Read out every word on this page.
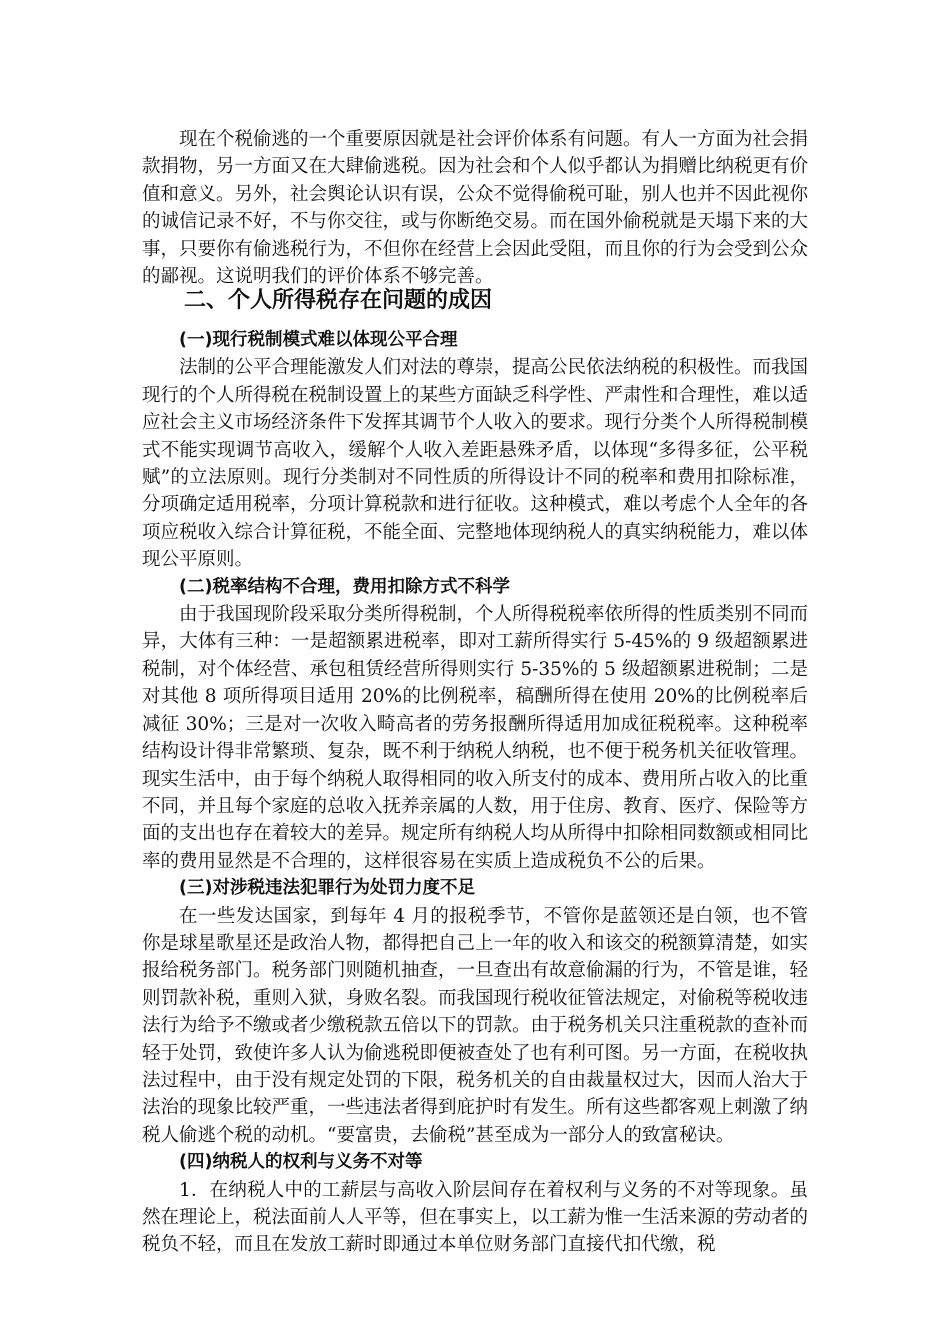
现在个税偷逃的一个重要原因就是社会评价体系有问题。有人一方面为社会捐款捐物，另一方面又在大肆偷逃税。因为社会和个人似乎都认为捐赠比纳税更有价值和意义。另外，社会舆论认识有误，公众不觉得偷税可耻，别人也并不因此视你的诚信记录不好，不与你交往，或与你断绝交易。而在国外偷税就是天塌下来的大事，只要你有偷逃税行为，不但你在经营上会因此受阻，而且你的行为会受到公众的鄙视。这说明我们的评价体系不够完善。

二、个人所得税存在问题的成因
(一)现行税制模式难以体现公平合理

法制的公平合理能激发人们对法的尊崇，提高公民依法纳税的积极性。而我国现行的个人所得税在税制设置上的某些方面缺乏科学性、严肃性和合理性，难以适应社会主义市场经济条件下发挥其调节个人收入的要求。现行分类个人所得税制模式不能实现调节高收入，缓解个人收入差距悬殊矛盾，以体现“多得多征，公平税赋”的立法原则。现行分类制对不同性质的所得设计不同的税率和费用扣除标准，分项确定适用税率，分项计算税款和进行征收。这种模式，难以考虑个人全年的各项应税收入综合计算征税，不能全面、完整地体现纳税人的真实纳税能力，难以体现公平原则。

(二)税率结构不合理，费用扣除方式不科学

由于我国现阶段采取分类所得税制，个人所得税税率依所得的性质类别不同而异，大体有三种：一是超额累进税率，即对工薪所得实行 5-45%的 9 级超额累进税制，对个体经营、承包租赁经营所得则实行 5-35%的 5 级超额累进税制；二是对其他 8 项所得项目适用 20%的比例税率，稿酬所得在使用 20%的比例税率后减征 30%；三是对一次收入畸高者的劳务报酬所得适用加成征税税率。这种税率结构设计得非常繁琐、复杂，既不利于纳税人纳税，也不便于税务机关征收管理。现实生活中，由于每个纳税人取得相同的收入所支付的成本、费用所占收入的比重不同，并且每个家庭的总收入抚养亲属的人数，用于住房、教育、医疗、保险等方面的支出也存在着较大的差异。规定所有纳税人均从所得中扣除相同数额或相同比率的费用显然是不合理的，这样很容易在实质上造成税负不公的后果。

(三)对涉税违法犯罪行为处罚力度不足

在一些发达国家，到每年 4 月的报税季节，不管你是蓝领还是白领，也不管你是球星歌星还是政治人物，都得把自己上一年的收入和该交的税额算清楚，如实报给税务部门。税务部门则随机抽查，一旦查出有故意偷漏的行为，不管是谁，轻则罚款补税，重则入狱，身败名裂。而我国现行税收征管法规定，对偷税等税收违法行为给予不缴或者少缴税款五倍以下的罚款。由于税务机关只注重税款的查补而轻于处罚，致使许多人认为偷逃税即便被查处了也有利可图。另一方面，在税收执法过程中，由于没有规定处罚的下限，税务机关的自由裁量权过大，因而人治大于法治的现象比较严重，一些违法者得到庇护时有发生。所有这些都客观上刺激了纳税人偷逃个税的动机。“要富贵，去偷税”甚至成为一部分人的致富秘诀。

(四)纳税人的权利与义务不对等

1．在纳税人中的工薪层与高收入阶层间存在着权利与义务的不对等现象。虽然在理论上，税法面前人人平等，但在事实上，以工薪为惟一生活来源的劳动者的税负不轻，而且在发放工薪时即通过本单位财务部门直接代扣代缴，税
